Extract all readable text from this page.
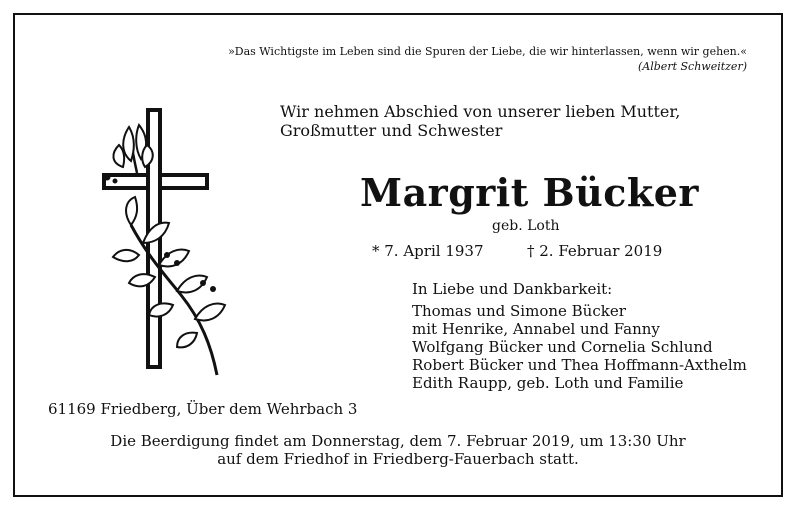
»Das Wichtigste im Leben sind die Spuren der Liebe, die wir hinterlassen, wenn wir gehen.«
(Albert Schweitzer)
Wir nehmen Abschied von unserer lieben Mutter, Großmutter und Schwester
Margrit Bücker
geb. Loth
* 7. April 1937	† 2. Februar 2019
In Liebe und Dankbarkeit:
Thomas und Simone Bücker
mit Henrike, Annabel und Fanny
Wolfgang Bücker und Cornelia Schlund
Robert Bücker und Thea Hoffmann-Axthelm
Edith Raupp, geb. Loth und Familie
61169 Friedberg, Über dem Wehrbach 3
Die Beerdigung findet am Donnerstag, dem 7. Februar 2019, um 13:30 Uhr
auf dem Friedhof in Friedberg-Fauerbach statt.
